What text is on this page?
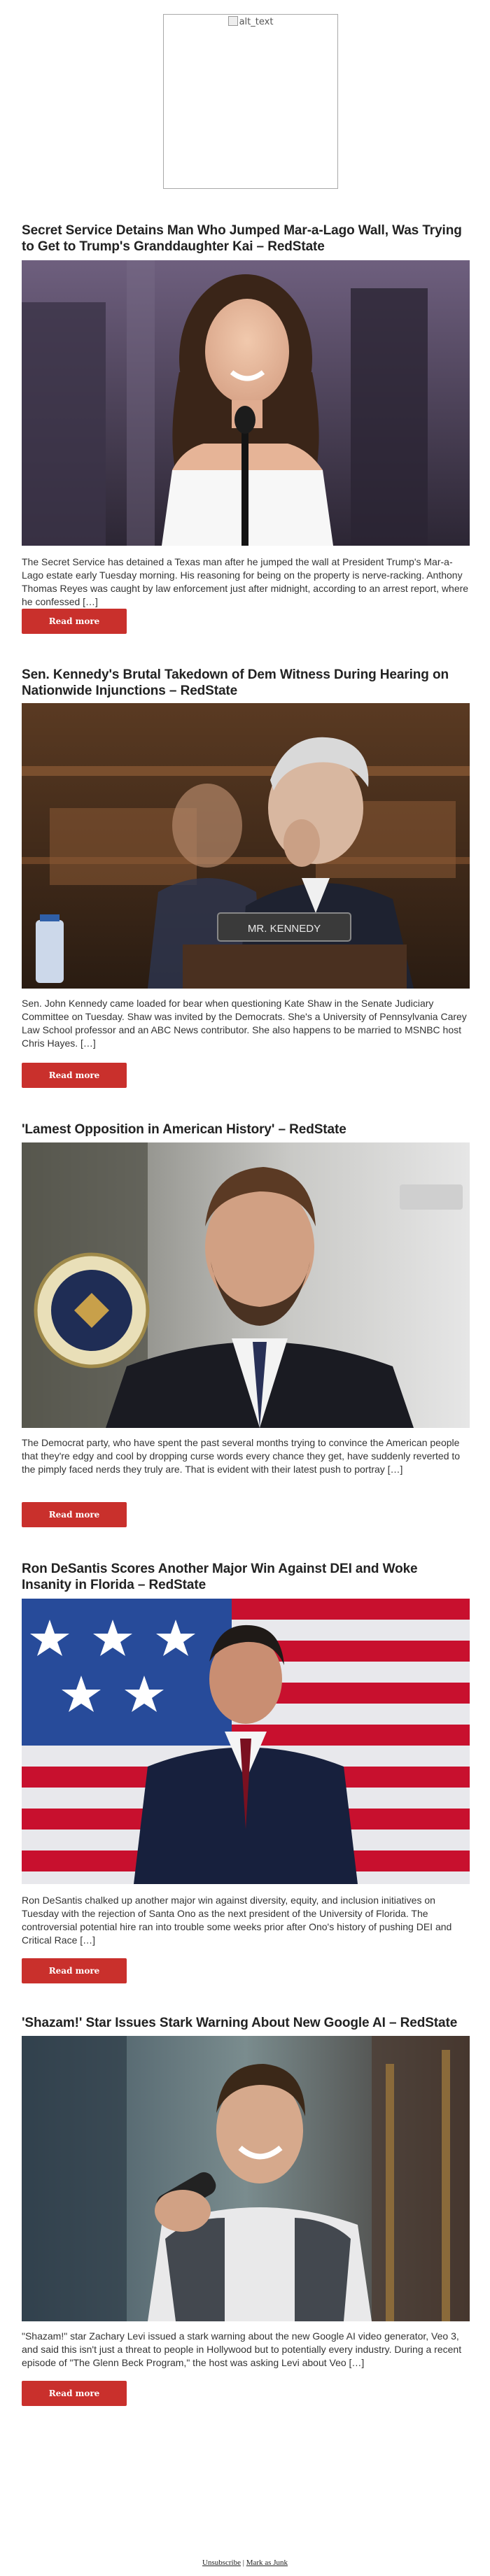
alt_text
Secret Service Detains Man Who Jumped Mar-a-Lago Wall, Was Trying to Get to Trump's Granddaughter Kai – RedState

The Secret Service has detained a Texas man after he jumped the wall at President Trump's Mar-a-Lago estate early Tuesday morning. His reasoning for being on the property is nerve-racking. Anthony Thomas Reyes was caught by law enforcement just after midnight, according to an arrest report, where he confessed […]

Read more
Sen. Kennedy's Brutal Takedown of Dem Witness During Hearing on Nationwide Injunctions – RedState
MR. KENNEDY

Sen. John Kennedy came loaded for bear when questioning Kate Shaw in the Senate Judiciary Committee on Tuesday. Shaw was invited by the Democrats. She's a University of Pennsylvania Carey Law School professor and an ABC News contributor. She also happens to be married to MSNBC host Chris Hayes. […]

Read more
'Lamest Opposition in American History' – RedState

The Democrat party, who have spent the past several months trying to convince the American people that they're edgy and cool by dropping curse words every chance they get, have suddenly reverted to the pimply faced nerds they truly are. That is evident with their latest push to portray […]

Read more
Ron DeSantis Scores Another Major Win Against DEI and Woke Insanity in Florida – RedState

Ron DeSantis chalked up another major win against diversity, equity, and inclusion initiatives on Tuesday with the rejection of Santa Ono as the next president of the University of Florida. The controversial potential hire ran into trouble some weeks prior after Ono's history of pushing DEI and Critical Race […]

Read more
'Shazam!' Star Issues Stark Warning About New Google AI – RedState

"Shazam!" star Zachary Levi issued a stark warning about the new Google AI video generator, Veo 3, and said this isn't just a threat to people in Hollywood but to potentially every industry. During a recent episode of "The Glenn Beck Program," the host was asking Levi about Veo […]

Read more
Unsubscribe | Mark as Junk
